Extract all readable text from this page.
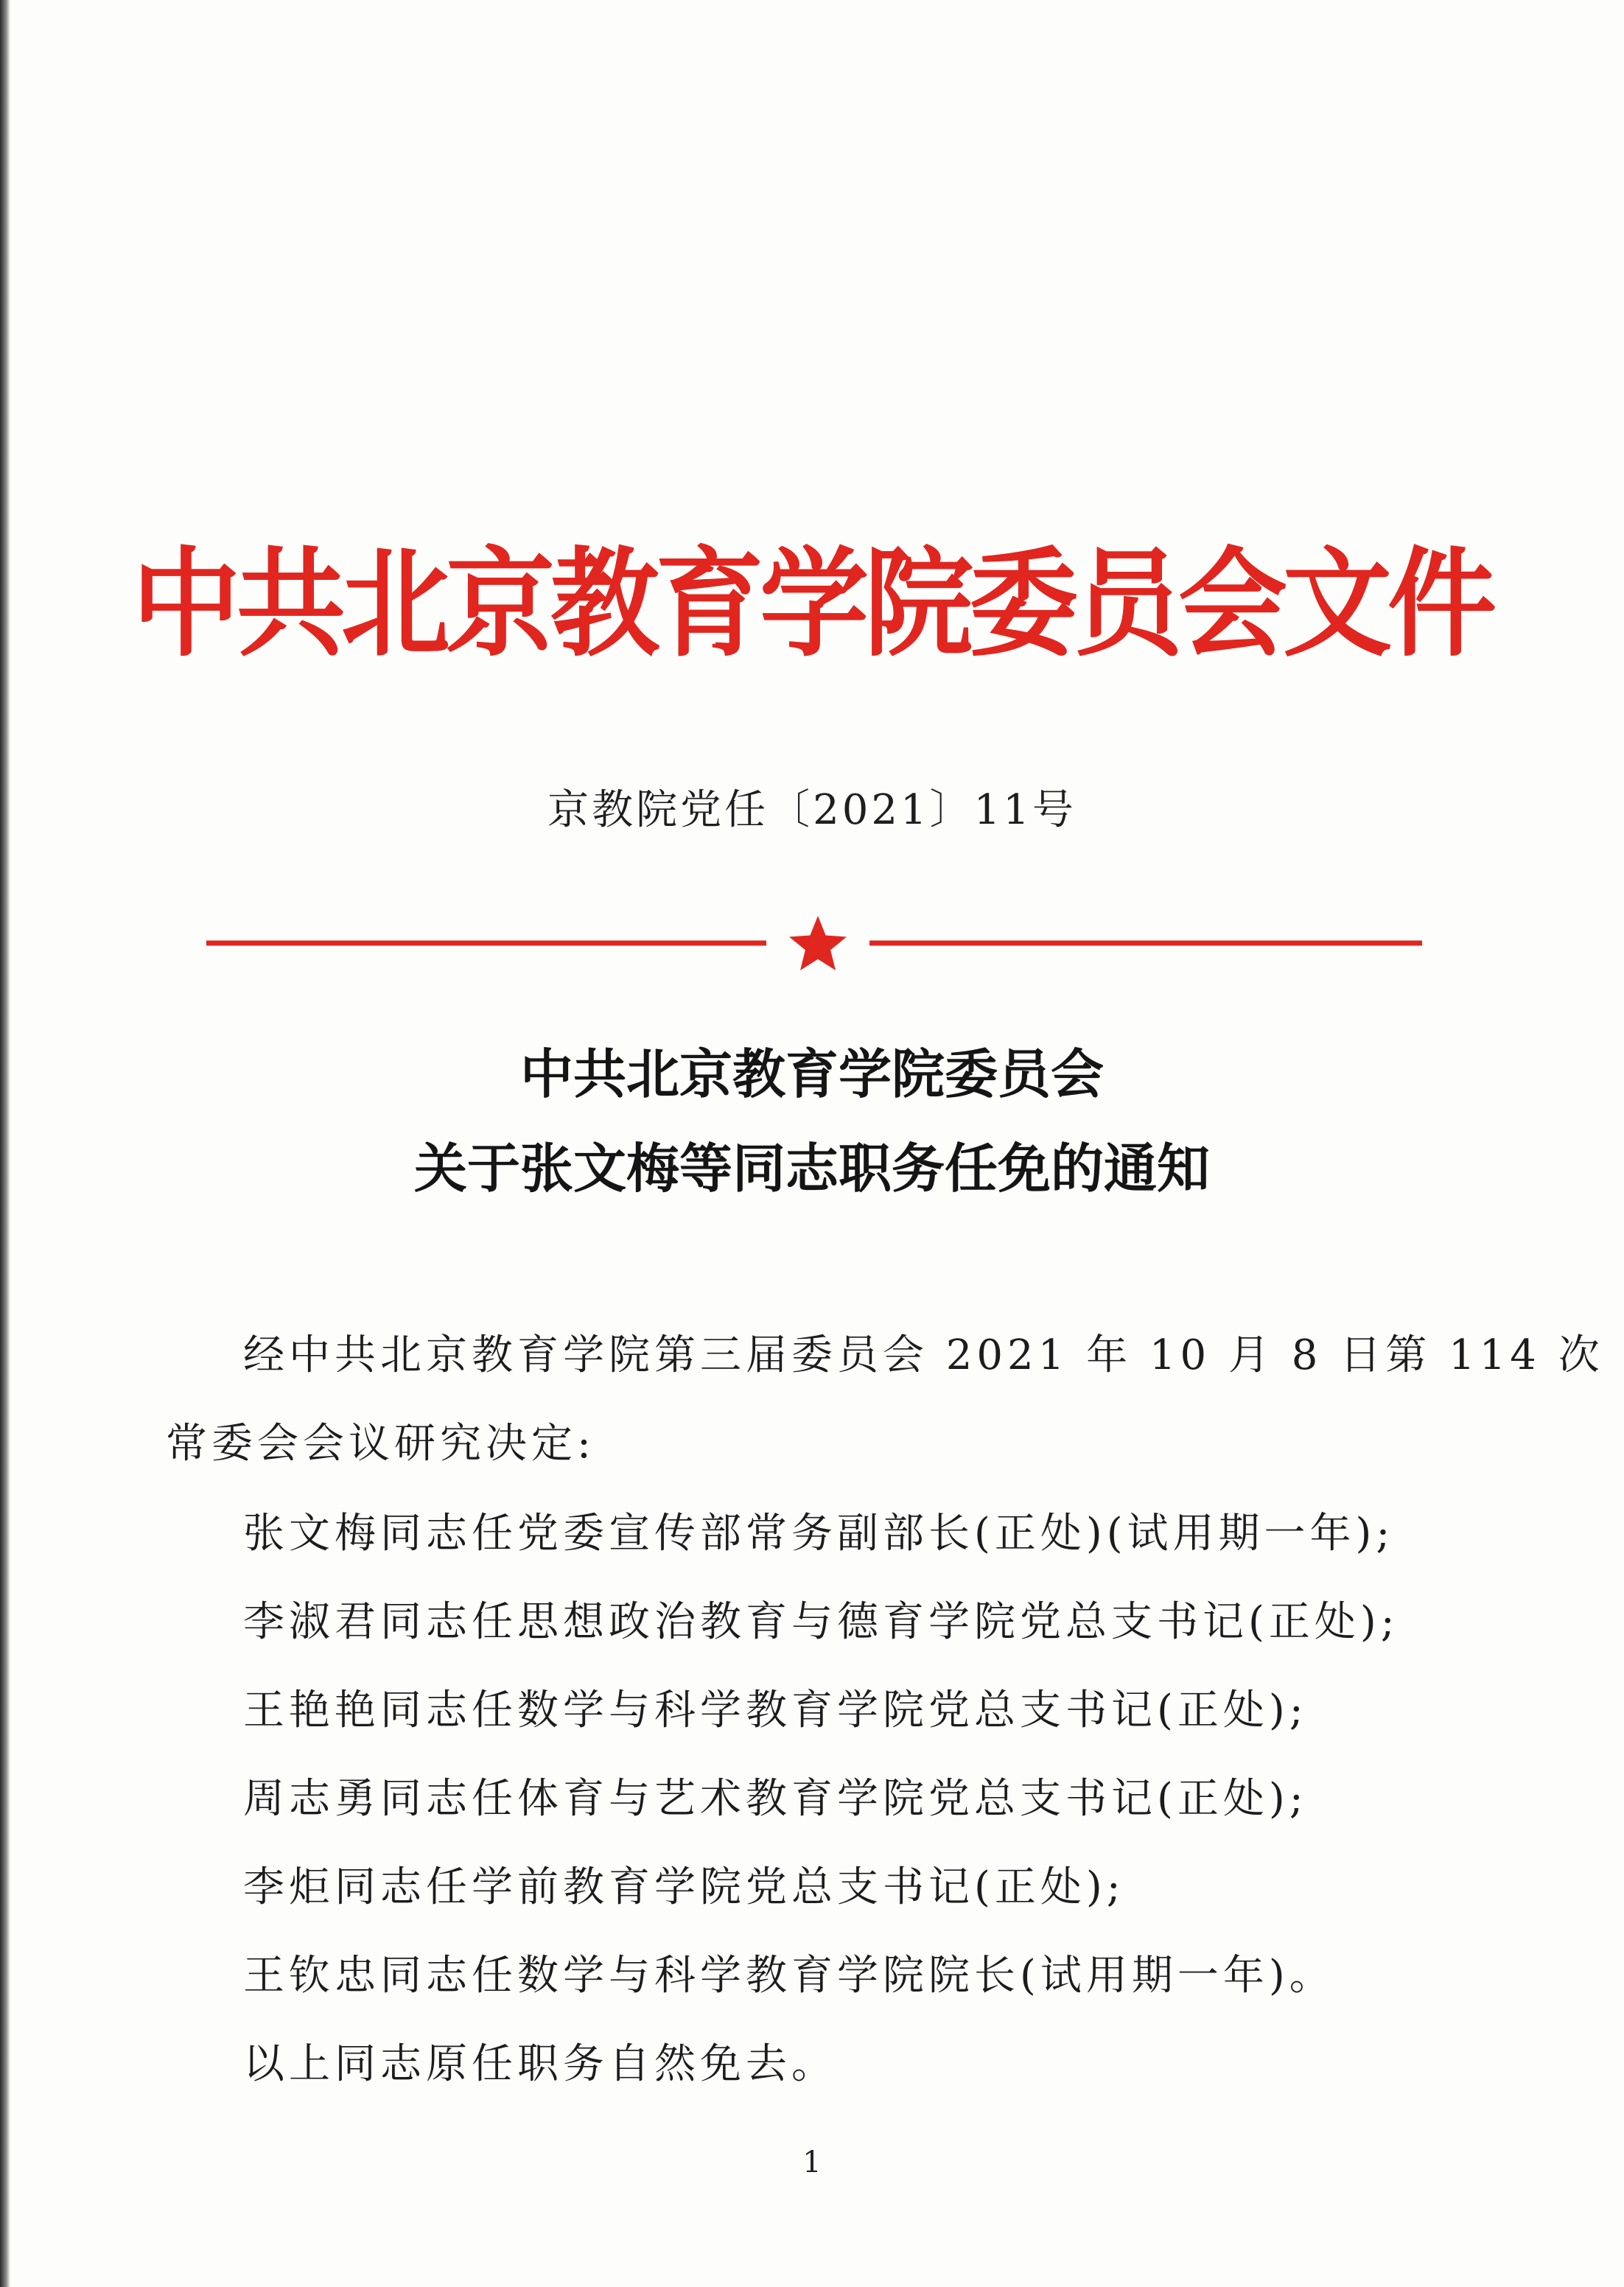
中共北京教育学院委员会文件
京教院党任〔2021〕11号
中共北京教育学院委员会
关于张文梅等同志职务任免的通知
经中共北京教育学院第三届委员会 2021 年 10 月 8 日第 114 次
常委会会议研究决定:
张文梅同志任党委宣传部常务副部长(正处)(试用期一年);
李淑君同志任思想政治教育与德育学院党总支书记(正处);
王艳艳同志任数学与科学教育学院党总支书记(正处);
周志勇同志任体育与艺术教育学院党总支书记(正处);
李炬同志任学前教育学院党总支书记(正处);
王钦忠同志任数学与科学教育学院院长(试用期一年)。
以上同志原任职务自然免去。
1
